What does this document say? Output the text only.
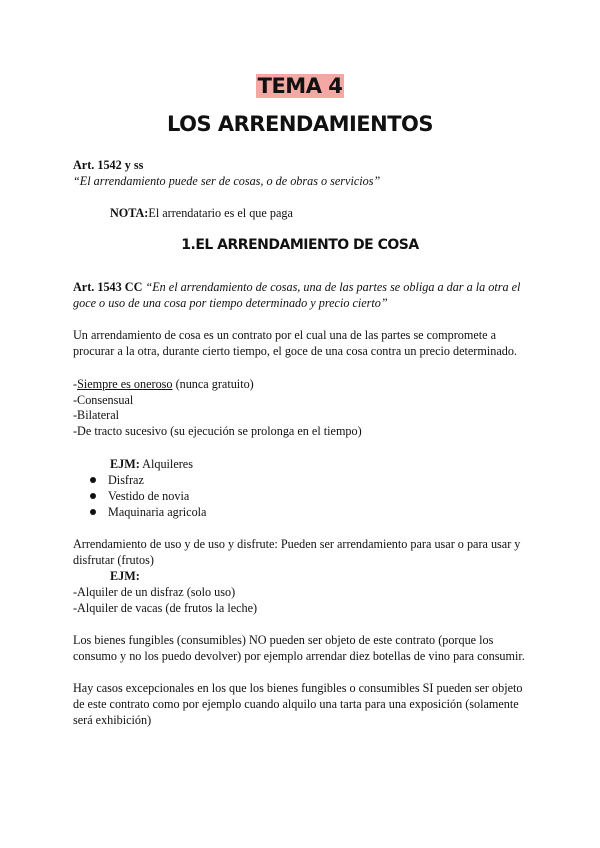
TEMA 4
LOS ARRENDAMIENTOS
Art. 1542 y ss
“El arrendamiento puede ser de cosas, o de obras o servicios”
NOTA:El arrendatario es el que paga
1.EL ARRENDAMIENTO DE COSA
Art. 1543 CC “En el arrendamiento de cosas, una de las partes se obliga a dar a la otra el
goce o uso de una cosa por tiempo determinado y precio cierto”
Un arrendamiento de cosa es un contrato por el cual una de las partes se compromete a
procurar a la otra, durante cierto tiempo, el goce de una cosa contra un precio determinado.
-Siempre es oneroso (nunca gratuito)
-Consensual
-Bilateral
-De tracto sucesivo (su ejecución se prolonga en el tiempo)
EJM: Alquileres
Disfraz
Vestido de novia
Maquinaria agricola
Arrendamiento de uso y de uso y disfrute: Pueden ser arrendamiento para usar o para usar y
disfrutar (frutos)
EJM:
-Alquiler de un disfraz (solo uso)
-Alquiler de vacas (de frutos la leche)
Los bienes fungibles (consumibles) NO pueden ser objeto de este contrato (porque los
consumo y no los puedo devolver) por ejemplo arrendar diez botellas de vino para consumir.
Hay casos excepcionales en los que los bienes fungibles o consumibles SI pueden ser objeto
de este contrato como por ejemplo cuando alquilo una tarta para una exposición (solamente
será exhibición)
